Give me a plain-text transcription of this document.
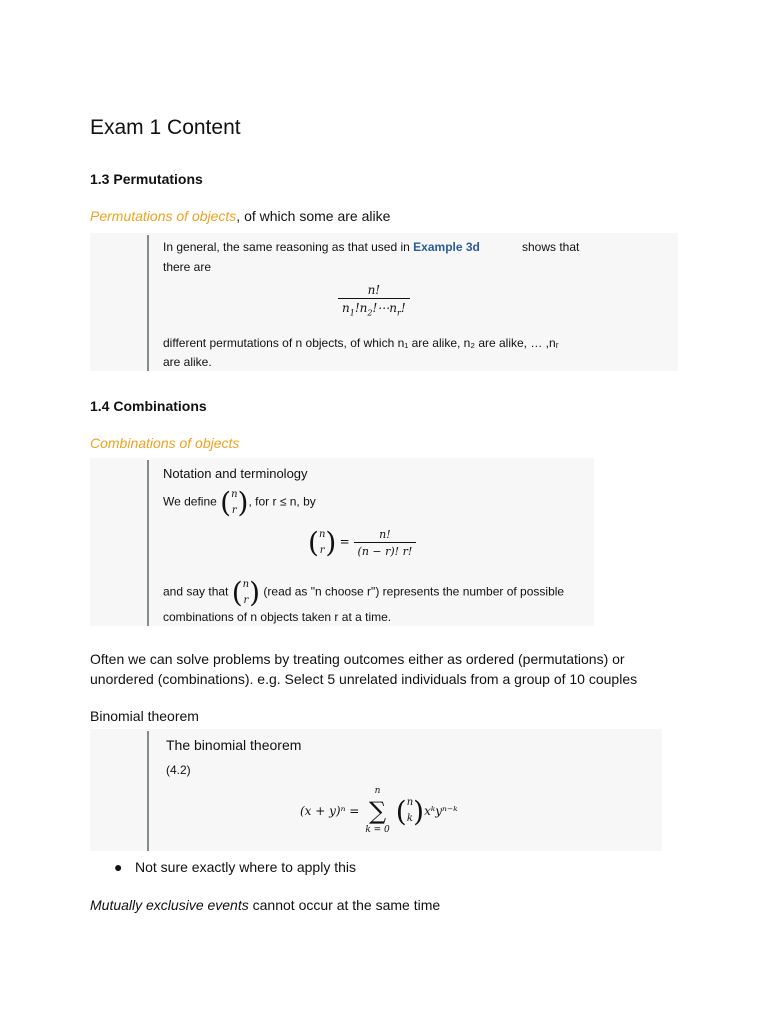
Exam 1 Content
1.3 Permutations
Permutations of objects, of which some are alike
In general, the same reasoning as that used in Example 3d	shows that
there are
$\frac{n!}{n_1!n_2!\cdots n_r!}$
different permutations of n objects, of which n₁ are alike, n₂ are alike, … ,nᵣ
are alike.
1.4 Combinations
Combinations of objects
Notation and terminology
We define ( n
r ) , for r ≤ n, by
( n
r ) = $\frac{n!}{(n - r)! r!}$
and say that ( n
r ) (read as "n choose r") represents the number of possible
combinations of n objects taken r at a time.
Often we can solve problems by treating outcomes either as ordered (permutations) or unordered (combinations). e.g. Select 5 unrelated individuals from a group of 10 couples
Binomial theorem
The binomial theorem
(4.2)
(x + y)ⁿ =
n
∑
k = 0
( n
k ) xᵏyⁿ⁻ᵏ
● Not sure exactly where to apply this
Mutually exclusive events cannot occur at the same time
